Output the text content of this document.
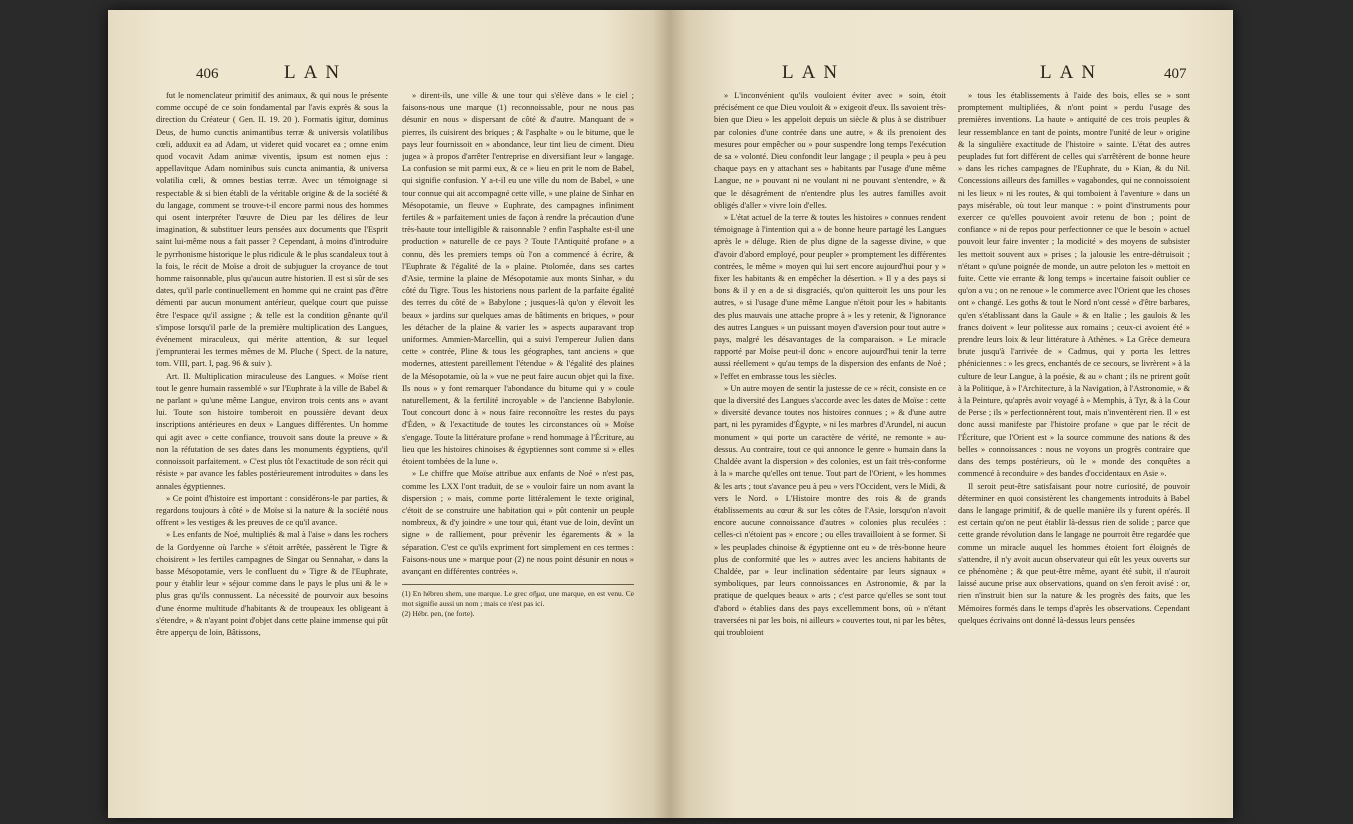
406	LAN

fut le nomenclateur primitif des animaux, & qui nous le présente comme occupé de ce soin fondamental par l'avis exprès & sous la direction du Créateur ( Gen. II. 19. 20 ). Formatis igitur, dominus Deus, de humo cunctis animantibus terræ & universis volatilibus cœli, adduxit ea ad Adam, ut videret quid vocaret ea ; omne enim quod vocavit Adam animæ viventis, ipsum est nomen ejus : appellavitque Adam nominibus suis cuncta animantia, & universa volatilia cœli, & omnes bestias terræ. Avec un témoignage si respectable & si bien établi de la véritable origine & de la société & du langage, comment se trouve-t-il encore parmi nous des hommes qui osent interpréter l'œuvre de Dieu par les délires de leur imagination, & substituer leurs pensées aux documents que l'Esprit saint lui-même nous a fait passer ? Cependant, à moins d'introduire le pyrrhonisme historique le plus ridicule & le plus scandaleux tout à la fois, le récit de Moïse a droit de subjuguer la croyance de tout homme raisonnable, plus qu'aucun autre historien. Il est si sûr de ses dates, qu'il parle continuellement en homme qui ne craint pas d'être démenti par aucun monument antérieur, quelque court que puisse être l'espace qu'il assigne ; & telle est la condition gênante qu'il s'impose lorsqu'il parle de la première multiplication des Langues, événement miraculeux, qui mérite attention, & sur lequel j'emprunterai les termes mêmes de M. Pluche ( Spect. de la nature, tom. VIII, part. I, pag. 96 & suiv ).

Art. II. Multiplication miraculeuse des Langues. « Moïse rient tout le genre humain rassemblé » sur l'Euphrate à la ville de Babel & ne parlant » qu'une même Langue, environ trois cents ans » avant lui. Toute son histoire tomberoit en poussière devant deux inscriptions antérieures en deux » Langues différentes. Un homme qui agit avec » cette confiance, trouvoit sans doute la preuve » & non la réfutation de ses dates dans les monuments égyptiens, qu'il connoissoit parfaitement. » C'est plus tôt l'exactitude de son récit qui résiste » par avance les fables postérieurement introduites » dans les annales égyptiennes.

» Ce point d'histoire est important : considérons-le par parties, & regardons toujours à côté » de Moïse si la nature & la société nous offrent » les vestiges & les preuves de ce qu'il avance.

» Les enfants de Noé, multipliés & mal à l'aise » dans les rochers de la Gordyenne où l'arche » s'étoit arrêtée, passèrent le Tigre & choisirent » les fertiles campagnes de Singar ou Sennahar, » dans la basse Mésopotamie, vers le confluent du » Tigre & de l'Euphrate, pour y établir leur » séjour comme dans le pays le plus uni & le » plus gras qu'ils connussent. La nécessité de pourvoir aux besoins d'une énorme multitude d'habitants & de troupeaux les obligeant à s'étendre, » & n'ayant point d'objet dans cette plaine immense qui pût être apperçu de loin, Bâtissons,

» dirent-ils, une ville & une tour qui s'élève dans » le ciel ; faisons-nous une marque (1) reconnoissable, pour ne nous pas désunir en nous » dispersant de côté & d'autre. Manquant de » pierres, ils cuisirent des briques ; & l'asphalte » ou le bitume, que le pays leur fournissoit en » abondance, leur tint lieu de ciment. Dieu jugea » à propos d'arrêter l'entreprise en diversifiant leur » langage. La confusion se mit parmi eux, & ce » lieu en prit le nom de Babel, qui signifie confusion. Y a-t-il eu une ville du nom de Babel, » une tour connue qui ait accompagné cette ville, » une plaine de Sinhar en Mésopotamie, un fleuve » Euphrate, des campagnes infiniment fertiles & » parfaitement unies de façon à rendre la précaution d'une très-haute tour intelligible & raisonnable ? enfin l'asphalte est-il une production » naturelle de ce pays ? Toute l'Antiquité profane » a connu, dès les premiers temps où l'on a commencé à écrire, & l'Euphrate & l'égalité de la » plaine. Ptolomée, dans ses cartes d'Asie, termine la plaine de Mésopotamie aux monts Sinhar, » du côté du Tigre. Tous les historiens nous parlent de la parfaite égalité des terres du côté de » Babylone ; jusques-là qu'on y élevoit les beaux » jardins sur quelques amas de bâtiments en briques, » pour les détacher de la plaine & varier les » aspects auparavant trop uniformes. Ammien-Marcellin, qui a suivi l'empereur Julien dans cette » contrée, Pline & tous les géographes, tant anciens » que modernes, attestent pareillement l'étendue » & l'égalité des plaines de la Mésopotamie, où la » vue ne peut faire aucun objet qui la fixe. Ils nous » y font remarquer l'abondance du bitume qui y » coule naturellement, & la fertilité incroyable » de l'ancienne Babylonie. Tout concourt donc à » nous faire reconnoître les restes du pays d'Éden, » & l'exactitude de toutes les circonstances où » Moïse s'engage. Toute la littérature profane » rend hommage à l'Écriture, au lieu que les histoires chinoises & égyptiennes sont comme si » elles étoient tombées de la lune ».

» Le chiffre que Moïse attribue aux enfants de Noé » n'est pas, comme les LXX l'ont traduit, de se » vouloir faire un nom avant la dispersion ; » mais, comme porte littéralement le texte original, c'étoit de se construire une habitation qui » pût contenir un peuple nombreux, & d'y joindre » une tour qui, étant vue de loin, devînt un signe » de ralliement, pour prévenir les égarements & » la séparation. C'est ce qu'ils expriment fort simplement en ces termes : Faisons-nous une » marque pour (2) ne nous point désunir en nous » avançant en différentes contrées ».

(1) En hébreu shem, une marque. Le grec σῆμα, une marque, en est venu. Ce mot signifie aussi un nom ; mais ce n'est pas ici.
(2) Hébr. pen, (ne forte).
LAN	LAN	407

» L'inconvénient qu'ils vouloient éviter avec » soin, étoit précisément ce que Dieu vouloit & » exigeoit d'eux. Ils savoient très-bien que Dieu » les appeloit depuis un siècle & plus à se distribuer par colonies d'une contrée dans une autre, » & ils prenoient des mesures pour empêcher ou » pour suspendre long temps l'exécution de sa » volonté. Dieu confondit leur langage ; il peupla » peu à peu chaque pays en y attachant ses » habitants par l'usage d'une même Langue, ne » pouvant ni ne voulant ni ne pouvant s'entendre, » & que le désagrément de n'entendre plus les autres familles avoit obligés d'aller » vivre loin d'elles.

» L'état actuel de la terre & toutes les histoires » connues rendent témoignage à l'intention qui a » de bonne heure partagé les Langues après le » déluge. Rien de plus digne de la sagesse divine, » que d'avoir d'abord employé, pour peupler » promptement les différentes contrées, le même » moyen qui lui sert encore aujourd'hui pour y » fixer les habitants & en empêcher la désertion. » Il y a des pays si bons & il y en a de si disgraciés, qu'on quitteroit les uns pour les autres, » si l'usage d'une même Langue n'étoit pour les » habitants des plus mauvais une attache propre à » les y retenir, & l'ignorance des autres Langues » un puissant moyen d'aversion pour tout autre » pays, malgré les désavantages de la comparaison. » Le miracle rapporté par Moïse peut-il donc » encore aujourd'hui tenir la terre aussi réellement » qu'au temps de la dispersion des enfants de Noé ; » l'effet en embrasse tous les siècles.

» Un autre moyen de sentir la justesse de ce » récit, consiste en ce que la diversité des Langues s'accorde avec les dates de Moïse : cette » diversité devance toutes nos histoires connues ; » & d'une autre part, ni les pyramides d'Égypte, » ni les marbres d'Arundel, ni aucun monument » qui porte un caractère de vérité, ne remonte » au-dessus. Au contraire, tout ce qui annonce le genre » humain dans la Chaldée avant la dispersion » des colonies, est un fait très-conforme à la » marche qu'elles ont tenue. Tout part de l'Orient, » les hommes & les arts ; tout s'avance peu à peu » vers l'Occident, vers le Midi, & vers le Nord. » L'Histoire montre des rois & de grands établissements au cœur & sur les côtes de l'Asie, lorsqu'on n'avoit encore aucune connoissance d'autres » colonies plus reculées : celles-ci n'étoient pas » encore ; ou elles travailloient à se former. Si » les peuplades chinoise & égyptienne ont eu » de très-bonne heure plus de conformité que les » autres avec les anciens habitants de Chaldée, par » leur inclination sédentaire par leurs signaux » symboliques, par leurs connoissances en Astronomie, & par la pratique de quelques beaux » arts ; c'est parce qu'elles se sont tout d'abord » établies dans des pays excellemment bons, où » n'étant traversées ni par les bois, ni ailleurs » couvertes tout, ni par les bêtes, qui troubloient

» tous les établissements à l'aide des bois, elles se » sont promptement multipliées, & n'ont point » perdu l'usage des premières inventions. La haute » antiquité de ces trois peuples & leur ressemblance en tant de points, montre l'unité de leur » origine & la singulière exactitude de l'histoire » sainte. L'état des autres peuplades fut fort différent de celles qui s'arrêtèrent de bonne heure » dans les riches campagnes de l'Euphrate, du » Kian, & du Nil. Concessions ailleurs des familles » vagabondes, qui ne connoissoient ni les lieux » ni les routes, & qui tomboient à l'aventure » dans un pays misérable, où tout leur manque : » point d'instruments pour exercer ce qu'elles pouvoient avoir retenu de bon ; point de confiance » ni de repos pour perfectionner ce que le besoin » actuel pouvoit leur faire inventer ; la modicité » des moyens de subsister les mettoit souvent aux » prises ; la jalousie les entre-détruisoit ; n'étant » qu'une poignée de monde, un autre peloton les » mettoit en fuite. Cette vie errante & long temps » incertaine faisoit oublier ce qu'on a vu ; on ne renoue » le commerce avec l'Orient que les choses ont » changé. Les goths & tout le Nord n'ont cessé » d'être barbares, qu'en s'établissant dans la Gaule » & en Italie ; les gaulois & les francs doivent » leur politesse aux romains ; ceux-ci avoient été » prendre leurs loix & leur littérature à Athènes. » La Grèce demeura brute jusqu'à l'arrivée de » Cadmus, qui y porta les lettres phéniciennes : » les grecs, enchantés de ce secours, se livrèrent » à la culture de leur Langue, à la poésie, & au » chant ; ils ne prirent goût à la Politique, à » l'Architecture, à la Navigation, à l'Astronomie, » & à la Peinture, qu'après avoir voyagé à » Memphis, à Tyr, & à la Cour de Perse ; ils » perfectionnèrent tout, mais n'inventèrent rien. Il » est donc aussi manifeste par l'histoire profane » que par le récit de l'Écriture, que l'Orient est » la source commune des nations & des belles » connoissances : nous ne voyons un progrès contraire que dans des temps postérieurs, où le » monde des conquêtes a commencé à reconduire » des bandes d'occidentaux en Asie ».

Il seroit peut-être satisfaisant pour notre curiosité, de pouvoir déterminer en quoi consistèrent les changements introduits à Babel dans le langage primitif, & de quelle manière ils y furent opérés. Il est certain qu'on ne peut établir là-dessus rien de solide ; parce que cette grande révolution dans le langage ne pourroit être regardée que comme un miracle auquel les hommes étoient fort éloignés de s'attendre, il n'y avoit aucun observateur qui eût les yeux ouverts sur ce phénomène ; & que peut-être même, ayant été subit, il n'auroit laissé aucune prise aux observations, quand on s'en feroit avisé : or, rien n'instruit bien sur la nature & les progrès des faits, que les Mémoires formés dans le temps d'après les observations. Cependant quelques écrivains ont donné là-dessus leurs pensées
